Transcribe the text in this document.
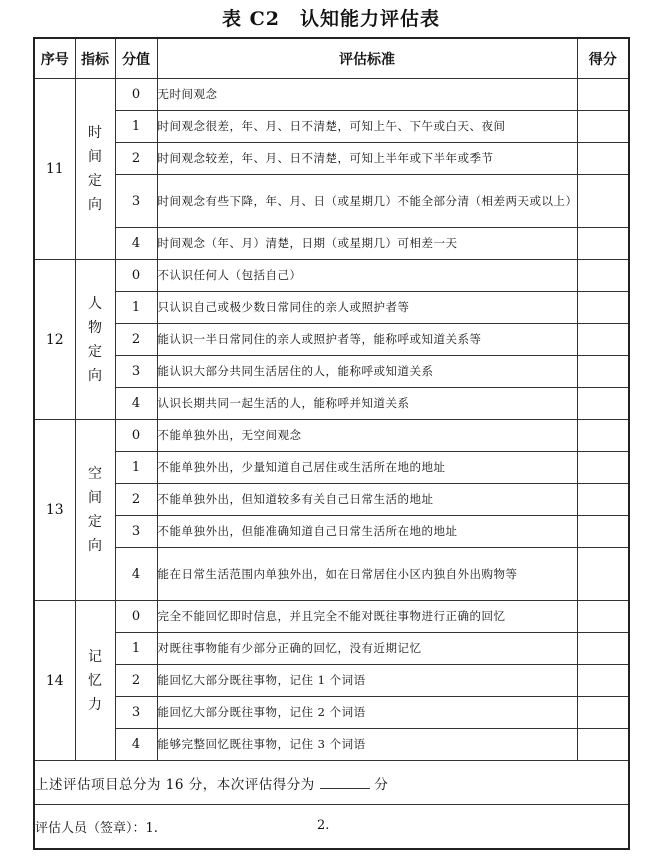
表 C2　认知能力评估表
序号	指标	分值	评估标准	得分
11	时间定向	0	无时间观念	
		1	时间观念很差，年、月、日不清楚，可知上午、下午或白天、夜间	
		2	时间观念较差，年、月、日不清楚，可知上半年或下半年或季节	
		3	时间观念有些下降，年、月、日（或星期几）不能全部分清（相差两天或以上）	
		4	时间观念（年、月）清楚，日期（或星期几）可相差一天	
12	人物定向	0	不认识任何人（包括自己）	
		1	只认识自己或极少数日常同住的亲人或照护者等	
		2	能认识一半日常同住的亲人或照护者等，能称呼或知道关系等	
		3	能认识大部分共同生活居住的人，能称呼或知道关系	
		4	认识长期共同一起生活的人，能称呼并知道关系	
13	空间定向	0	不能单独外出，无空间观念	
		1	不能单独外出，少量知道自己居住或生活所在地的地址	
		2	不能单独外出，但知道较多有关自己日常生活的地址	
		3	不能单独外出，但能准确知道自己日常生活所在地的地址	
		4	能在日常生活范围内单独外出，如在日常居住小区内独自外出购物等	
14	记忆力	0	完全不能回忆即时信息，并且完全不能对既往事物进行正确的回忆	
		1	对既往事物能有少部分正确的回忆，没有近期记忆	
		2	能回忆大部分既往事物，记住 1 个词语	
		3	能回忆大部分既往事物，记住 2 个词语	
		4	能够完整回忆既往事物，记住 3 个词语	
上述评估项目总分为 16 分，本次评估得分为 分				
评估人员（签章）：1. 2.				
